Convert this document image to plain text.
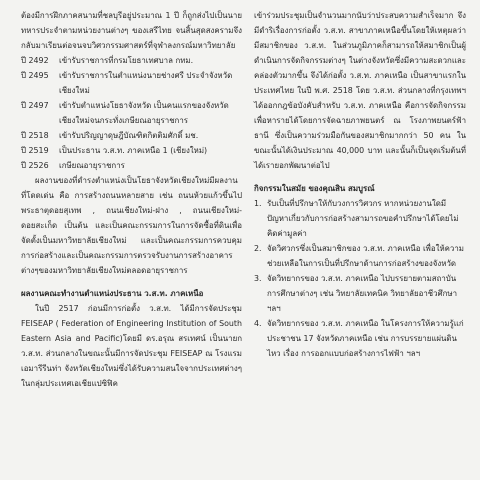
ต้องมีการฝึกภาคสนามที่ชลบุรีอยู่ประมาณ 1 ปี ก็ถูกส่งไปเป็นนายทหารประจำตามหน่วยงานต่างๆ ของเสรีไทย จนสิ้นสุดสงครามจึงกลับมาเรียนต่อจนจบวิศวกรรมศาสตร์ที่จุฬาลงกรณ์มหาวิทยาลัย

ปี 2492	เข้ารับราชการที่กรมโยธาเทศบาล กทม.
ปี 2495	เข้ารับราชการในตำแหน่งนายช่างศรี ประจำจังหวัดเชียงใหม่
ปี 2497	เข้ารับตำแหน่งโยธาจังหวัด เป็นคนแรกของจังหวัดเชียงใหม่จนกระทั่งเกษียณอายุราชการ
ปี 2518	เข้ารับปริญญาดุษฎีบัณฑิตกิตติมศักดิ์ มช.
ปี 2519	เป็นประธาน ว.ส.ท. ภาคเหนือ 1 (เชียงใหม่)
ปี 2526	เกษียณอายุราชการ

ผลงานของที่ดำรงตำแหน่งเป็นโยธาจังหวัดเชียงใหม่มีผลงานที่โดดเด่น คือ การสร้างถนนหลายสาย เช่น ถนนห้วยแก้วขึ้นไปพระธาตุดอยสุเทพ , ถนนเชียงใหม่-ฝาง , ถนนเชียงใหม่-ดอยสะเก็ด เป็นต้น และเป็นคณะกรรมการในการจัดซื้อที่ดินเพื่อจัดตั้งเป็นมหาวิทยาลัยเชียงใหม่ และเป็นคณะกรรมการควบคุมการก่อสร้างและเป็นคณะกรรมการตรวจรับงานการสร้างอาคารต่างๆของมหาวิทยาลัยเชียงใหม่ตลอดอายุราชการ

ผลงานคณะทำงานตำแหน่งประธาน ว.ส.ท. ภาคเหนือ

ในปี 2517 ก่อนมีการก่อตั้ง ว.ส.ท. ได้มีการจัดประชุม FEISEAP ( Federation of Engineering Institution of South Eastern Asia and Pacific)โดยมี ดร.อรุณ สรเทศน์ เป็นนายก ว.ส.ท. ส่วนกลางในขณะนั้นมีการจัดประชุม FEISEAP ณ โรงแรมเอมารีรีนท่า จังหวัดเชียงใหม่ซึ่งได้รับความสนใจจากประเทศต่างๆ ในกลุ่มประเทศเอเชียแปซิฟิค

เข้าร่วมประชุมเป็นจำนวนมากนับว่าประสบความสำเร็จมาก จึงมีดำริเรื่องการก่อตั้ง ว.ส.ท. สาขาภาคเหนือขึ้นโดยให้เหตุผลว่ามีสมาชิกของ ว.ส.ท. ในส่วนภูมิภาคก็สามารถให้สมาชิกเป็นผู้ดำเนินการจัดกิจกรรมต่างๆ ในต่างจังหวัดซึ่งมีความสะดวกและคล่องตัวมากขึ้น จึงได้ก่อตั้ง ว.ส.ท. ภาคเหนือ เป็นสาขาแรกในประเทศไทย ในปี พ.ศ. 2518 โดย ว.ส.ท. ส่วนกลางที่กรุงเทพฯ ได้ออกกฎข้อบังคับสำหรับ ว.ส.ท. ภาคเหนือ คือการจัดกิจกรรมเพื่อหารายได้โดยการจัดฉายภาพยนตร์ ณ โรงภาพยนตร์ฟ้าธานี ซึ่งเป็นความร่วมมือกันของสมาชิกมากกว่า 50 คน ในขณะนั้นได้เงินประมาณ 40,000 บาท และนั้นก็เป็นจุดเริ่มต้นที่ได้เรายอกพัฒนาต่อไป

กิจกรรมในสมัย ของคุณสิน สมบูรณ์

1. รับเป็นที่ปรึกษาให้กับวงการวิศวกร หากหน่วยงานใดมีปัญหาเกี่ยวกับการก่อสร้างสามารถขอคำปรึกษาได้โดยไม่คิดค่ามูลค่า
2. จัดวิศวกรซึ่งเป็นสมาชิกของ ว.ส.ท. ภาคเหนือ เพื่อให้ความช่วยเหลือในการเป็นที่ปรึกษาด้านการก่อสร้างของจังหวัด
3. จัดวิทยากรของ ว.ส.ท. ภาคเหนือ ไปบรรยายตามสถาบันการศึกษาต่างๆ เช่น วิทยาลัยเทคนิค วิทยาลัยอาชีวศึกษา ฯลฯ
4. จัดวิทยากรของ ว.ส.ท. ภาคเหนือ ในโครงการให้ความรู้แก่ประชาชน 17 จังหวัดภาคเหนือ เช่น การบรรยายแผ่นดินไหว เรื่อง การออกแบบก่อสร้างการไฟฟ้า ฯลฯ
